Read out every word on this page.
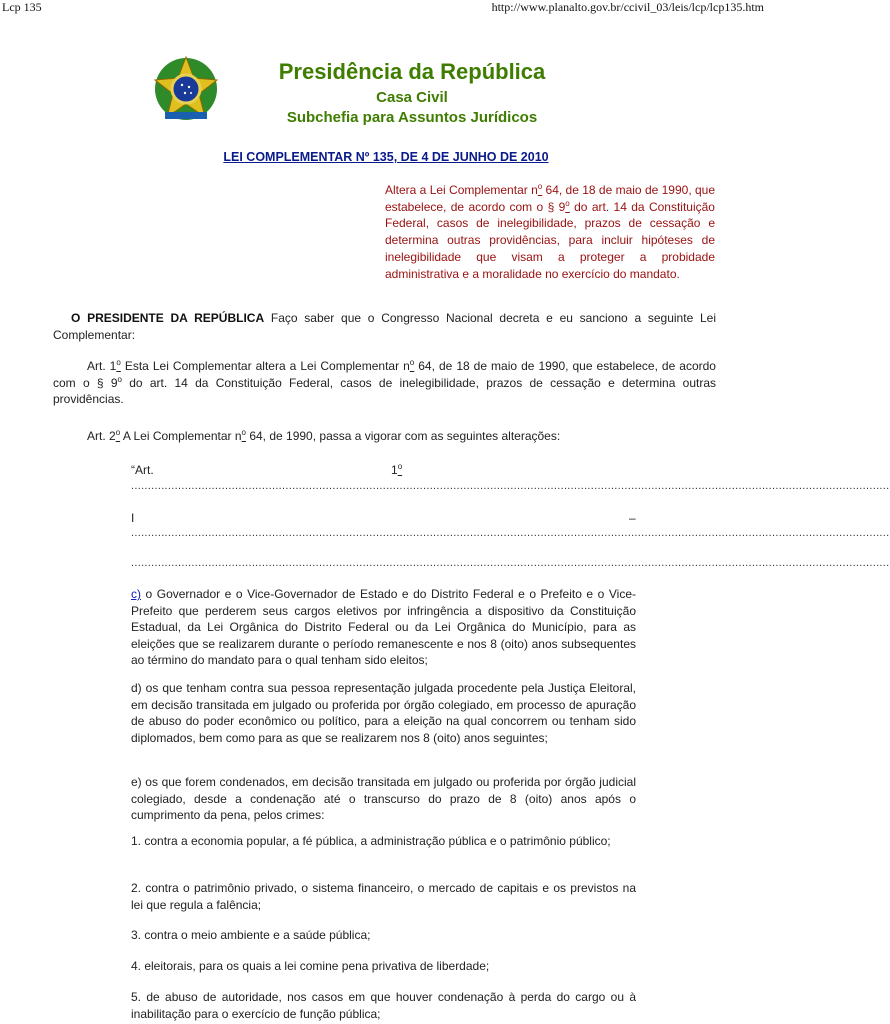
Lcp 135	http://www.planalto.gov.br/ccivil_03/leis/lcp/lcp135.htm
Presidência da República
Casa Civil
Subchefia para Assuntos Jurídicos
LEI COMPLEMENTAR Nº 135, DE 4 DE JUNHO DE 2010
Altera a Lei Complementar $n^o$ 64, de 18 de maio de 1990, que estabelece, de acordo com o § 9$^o$ do art. 14 da Constituição Federal, casos de inelegibilidade, prazos de cessação e determina outras providências, para incluir hipóteses de inelegibilidade que visam a proteger a probidade administrativa e a moralidade no exercício do mandato.
O PRESIDENTE DA REPÚBLICA Faço saber que o Congresso Nacional decreta e eu sanciono a seguinte Lei Complementar:
Art. 1$^o$ Esta Lei Complementar altera a Lei Complementar $n^o$ 64, de 18 de maio de 1990, que estabelece, de acordo com o § 9$^o$ do art. 14 da Constituição Federal, casos de inelegibilidade, prazos de cessação e determina outras providências.
Art. 2$^o$ A Lei Complementar $n^o$ 64, de 1990, passa a vigorar com as seguintes alterações:
“Art.	1$^o$
..................................................................................................................................................................................................................................
I	–
..................................................................................................................................................................................................................................
..................................................................................................................................................................................................................................
c) o Governador e o Vice-Governador de Estado e do Distrito Federal e o Prefeito e o Vice-Prefeito que perderem seus cargos eletivos por infringência a dispositivo da Constituição Estadual, da Lei Orgânica do Distrito Federal ou da Lei Orgânica do Município, para as eleições que se realizarem durante o período remanescente e nos 8 (oito) anos subsequentes ao término do mandato para o qual tenham sido eleitos;
d) os que tenham contra sua pessoa representação julgada procedente pela Justiça Eleitoral, em decisão transitada em julgado ou proferida por órgão colegiado, em processo de apuração de abuso do poder econômico ou político, para a eleição na qual concorrem ou tenham sido diplomados, bem como para as que se realizarem nos 8 (oito) anos seguintes;
e) os que forem condenados, em decisão transitada em julgado ou proferida por órgão judicial colegiado, desde a condenação até o transcurso do prazo de 8 (oito) anos após o cumprimento da pena, pelos crimes:
1. contra a economia popular, a fé pública, a administração pública e o patrimônio público;
2. contra o patrimônio privado, o sistema financeiro, o mercado de capitais e os previstos na lei que regula a falência;
3. contra o meio ambiente e a saúde pública;
4. eleitorais, para os quais a lei comine pena privativa de liberdade;
5. de abuso de autoridade, nos casos em que houver condenação à perda do cargo ou à inabilitação para o exercício de função pública;
